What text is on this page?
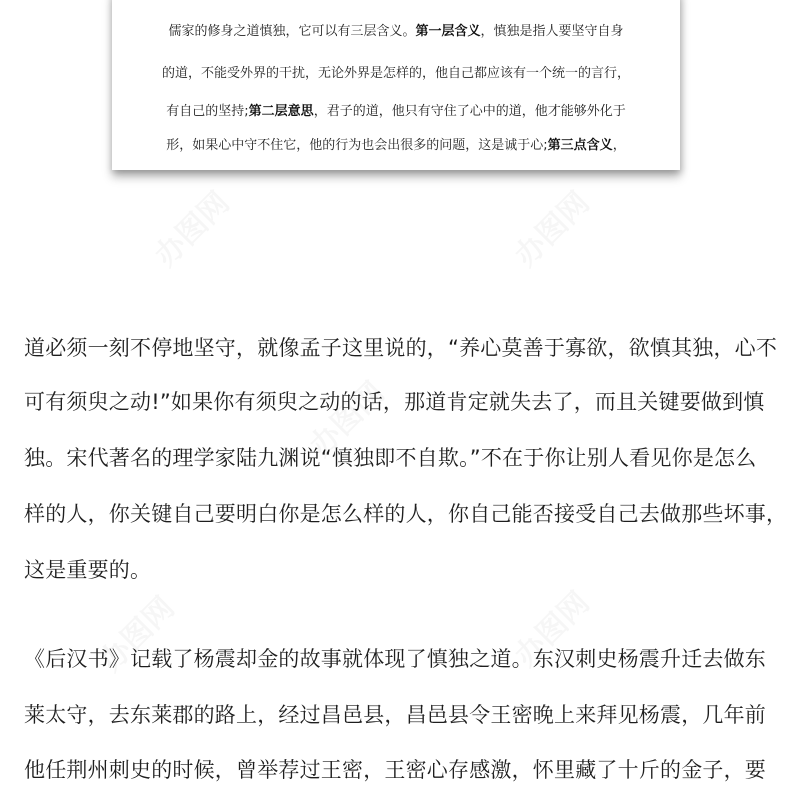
儒家的修身之道慎独，它可以有三层含义。第一层含义，慎独是指人要坚守自身
的道，不能受外界的干扰，无论外界是怎样的，他自己都应该有一个统一的言行，
有自己的坚持;第二层意思，君子的道，他只有守住了心中的道，他才能够外化于
形，如果心中守不住它，他的行为也会出很多的问题，这是诚于心;第三点含义，
道必须一刻不停地坚守，就像孟子这里说的，“养心莫善于寡欲，欲慎其独，心不
可有须臾之动!”如果你有须臾之动的话，那道肯定就失去了，而且关键要做到慎
独。宋代著名的理学家陆九渊说“慎独即不自欺。”不在于你让别人看见你是怎么
样的人，你关键自己要明白你是怎么样的人，你自己能否接受自己去做那些坏事，
这是重要的。
《后汉书》记载了杨震却金的故事就体现了慎独之道。东汉刺史杨震升迁去做东
莱太守，去东莱郡的路上，经过昌邑县，昌邑县令王密晚上来拜见杨震，几年前
他任荆州刺史的时候，曾举荐过王密，王密心存感激，怀里藏了十斤的金子，要
